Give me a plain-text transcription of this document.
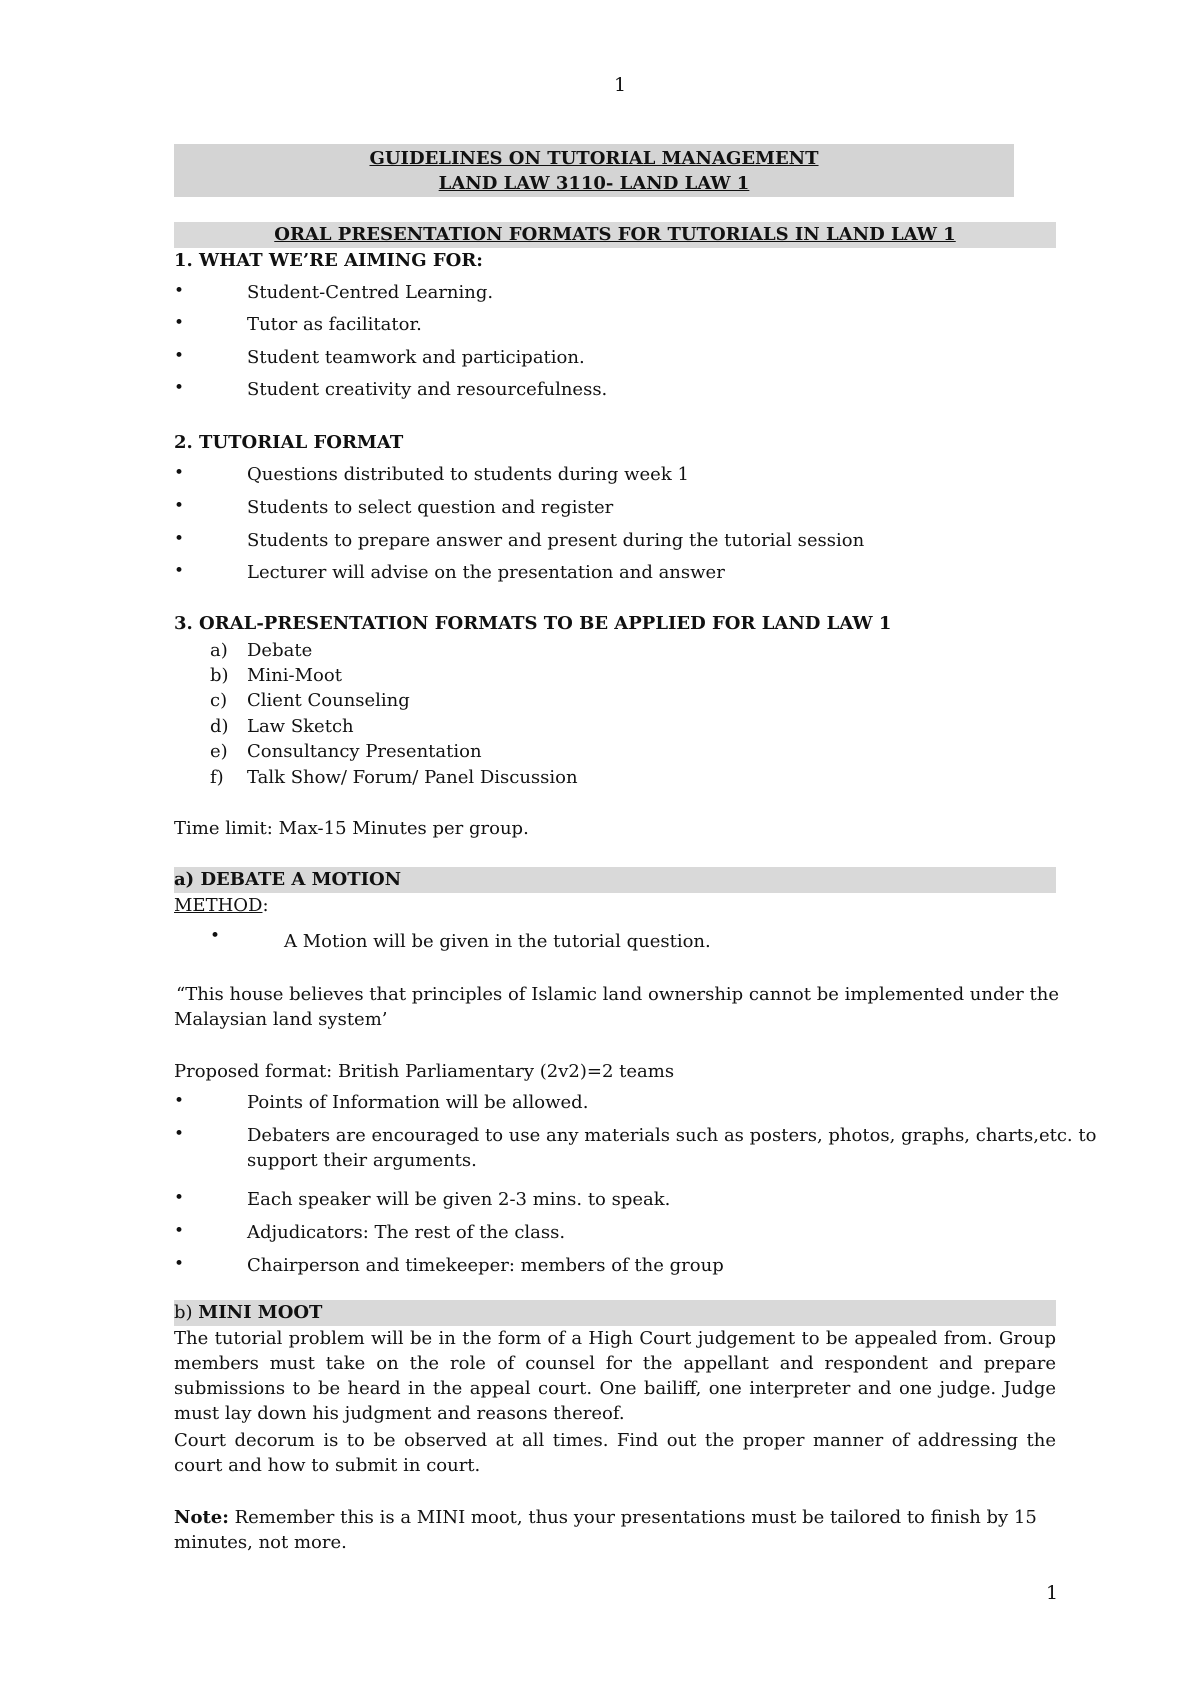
1
GUIDELINES ON TUTORIAL MANAGEMENT
LAND LAW 3110- LAND LAW 1
ORAL PRESENTATION FORMATS FOR TUTORIALS IN LAND LAW 1
1. WHAT WE’RE AIMING FOR:
•	Student-Centred Learning.
•	Tutor as facilitator.
•	Student teamwork and participation.
•	Student creativity and resourcefulness.
2. TUTORIAL FORMAT
•	Questions distributed to students during week 1
•	Students to select question and register
•	Students to prepare answer and present during the tutorial session
•	Lecturer will advise on the presentation and answer
3. ORAL-PRESENTATION FORMATS TO BE APPLIED FOR LAND LAW 1
a) Debate
b) Mini-Moot
c) Client Counseling
d) Law Sketch
e) Consultancy Presentation
f) Talk Show/ Forum/ Panel Discussion
Time limit: Max-15 Minutes per group.
a) DEBATE A MOTION
METHOD:
•	A Motion will be given in the tutorial question.
“This house believes that principles of Islamic land ownership cannot be implemented under the
Malaysian land system’
Proposed format: British Parliamentary (2v2)=2 teams
•	Points of Information will be allowed.
•	Debaters are encouraged to use any materials such as posters, photos, graphs, charts,etc. to
support their arguments.
•	Each speaker will be given 2-3 mins. to speak.
•	Adjudicators: The rest of the class.
•	Chairperson and timekeeper: members of the group
b) MINI MOOT
The tutorial problem will be in the form of a High Court judgement to be appealed from. Group members must take on the role of counsel for the appellant and respondent and prepare submissions to be heard in the appeal court. One bailiff, one interpreter and one judge. Judge must lay down his judgment and reasons thereof.
Court decorum is to be observed at all times. Find out the proper manner of addressing the court and how to submit in court.
Note: Remember this is a MINI moot, thus your presentations must be tailored to finish by 15 minutes, not more.
1
